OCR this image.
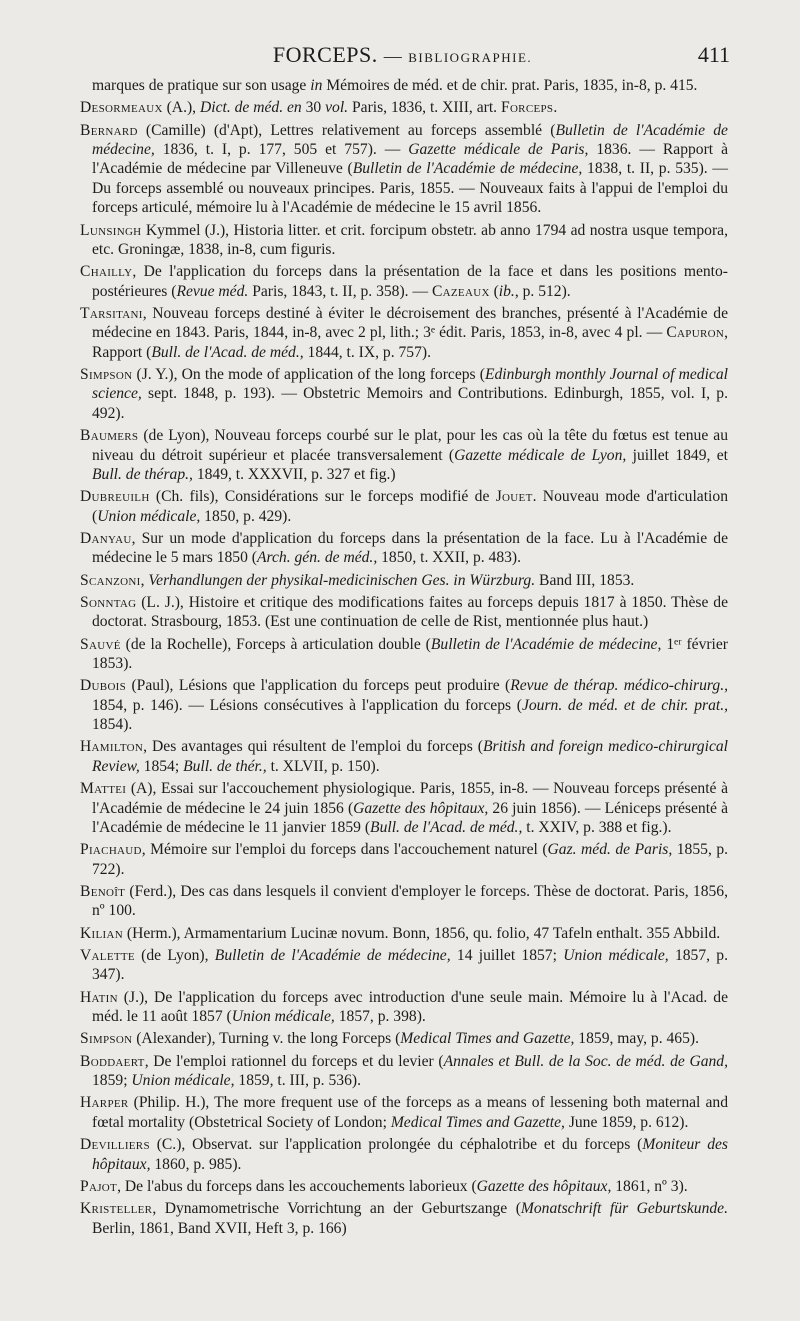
FORCEPS. — BIBLIOGRAPHIE.	411

marques de pratique sur son usage in Mémoires de méd. et de chir. prat. Paris, 1835, in-8, p. 415.

Desormeaux (A.), Dict. de méd. en 30 vol. Paris, 1836, t. XIII, art. Forceps.

Bernard (Camille) (d'Apt), Lettres relativement au forceps assemblé (Bulletin de l'Académie de médecine, 1836, t. I, p. 177, 505 et 757). — Gazette médicale de Paris, 1836. — Rapport à l'Académie de médecine par Villeneuve (Bulletin de l'Académie de médecine, 1838, t. II, p. 535). — Du forceps assemblé ou nouveaux principes. Paris, 1855. — Nouveaux faits à l'appui de l'emploi du forceps articulé, mémoire lu à l'Académie de médecine le 15 avril 1856.

Lunsingh Kymmel (J.), Historia litter. et crit. forcipum obstetr. ab anno 1794 ad nostra usque tempora, etc. Groningæ, 1838, in-8, cum figuris.

Chailly, De l'application du forceps dans la présentation de la face et dans les positions mento-postérieures (Revue méd. Paris, 1843, t. II, p. 358). — Cazeaux (ib., p. 512).

Tarsitani, Nouveau forceps destiné à éviter le décroisement des branches, présenté à l'Académie de médecine en 1843. Paris, 1844, in-8, avec 2 pl, lith.; 3ᵉ édit. Paris, 1853, in-8, avec 4 pl. — Capuron, Rapport (Bull. de l'Acad. de méd., 1844, t. IX, p. 757).

Simpson (J. Y.), On the mode of application of the long forceps (Edinburgh monthly Journal of medical science, sept. 1848, p. 193). — Obstetric Memoirs and Contributions. Edinburgh, 1855, vol. I, p. 492).

Baumers (de Lyon), Nouveau forceps courbé sur le plat, pour les cas où la tête du fœtus est tenue au niveau du détroit supérieur et placée transversalement (Gazette médicale de Lyon, juillet 1849, et Bull. de thérap., 1849, t. XXXVII, p. 327 et fig.)

Dubreuilh (Ch. fils), Considérations sur le forceps modifié de Jouet. Nouveau mode d'articulation (Union médicale, 1850, p. 429).

Danyau, Sur un mode d'application du forceps dans la présentation de la face. Lu à l'Académie de médecine le 5 mars 1850 (Arch. gén. de méd., 1850, t. XXII, p. 483).

Scanzoni, Verhandlungen der physikal-medicinischen Ges. in Würzburg. Band III, 1853.

Sonntag (L. J.), Histoire et critique des modifications faites au forceps depuis 1817 à 1850. Thèse de doctorat. Strasbourg, 1853. (Est une continuation de celle de Rist, mentionnée plus haut.)

Sauvé (de la Rochelle), Forceps à articulation double (Bulletin de l'Académie de médecine, 1ᵉʳ février 1853).

Dubois (Paul), Lésions que l'application du forceps peut produire (Revue de thérap. médico-chirurg., 1854, p. 146). — Lésions consécutives à l'application du forceps (Journ. de méd. et de chir. prat., 1854).

Hamilton, Des avantages qui résultent de l'emploi du forceps (British and foreign medico-chirurgical Review, 1854; Bull. de thér., t. XLVII, p. 150).

Mattei (A), Essai sur l'accouchement physiologique. Paris, 1855, in-8. — Nouveau forceps présenté à l'Académie de médecine le 24 juin 1856 (Gazette des hôpitaux, 26 juin 1856). — Léniceps présenté à l'Académie de médecine le 11 janvier 1859 (Bull. de l'Acad. de méd., t. XXIV, p. 388 et fig.).

Piachaud, Mémoire sur l'emploi du forceps dans l'accouchement naturel (Gaz. méd. de Paris, 1855, p. 722).

Benoît (Ferd.), Des cas dans lesquels il convient d'employer le forceps. Thèse de doctorat. Paris, 1856, nº 100.

Kilian (Herm.), Armamentarium Lucinæ novum. Bonn, 1856, qu. folio, 47 Tafeln enthalt. 355 Abbild.

Valette (de Lyon), Bulletin de l'Académie de médecine, 14 juillet 1857; Union médicale, 1857, p. 347).

Hatin (J.), De l'application du forceps avec introduction d'une seule main. Mémoire lu à l'Acad. de méd. le 11 août 1857 (Union médicale, 1857, p. 398).

Simpson (Alexander), Turning v. the long Forceps (Medical Times and Gazette, 1859, may, p. 465).

Boddaert, De l'emploi rationnel du forceps et du levier (Annales et Bull. de la Soc. de méd. de Gand, 1859; Union médicale, 1859, t. III, p. 536).

Harper (Philip. H.), The more frequent use of the forceps as a means of lessening both maternal and fœtal mortality (Obstetrical Society of London; Medical Times and Gazette, June 1859, p. 612).

Devilliers (C.), Observat. sur l'application prolongée du céphalotribe et du forceps (Moniteur des hôpitaux, 1860, p. 985).

Pajot, De l'abus du forceps dans les accouchements laborieux (Gazette des hôpitaux, 1861, nº 3).

Kristeller, Dynamometrische Vorrichtung an der Geburtszange (Monatschrift für Geburtskunde. Berlin, 1861, Band XVII, Heft 3, p. 166)
